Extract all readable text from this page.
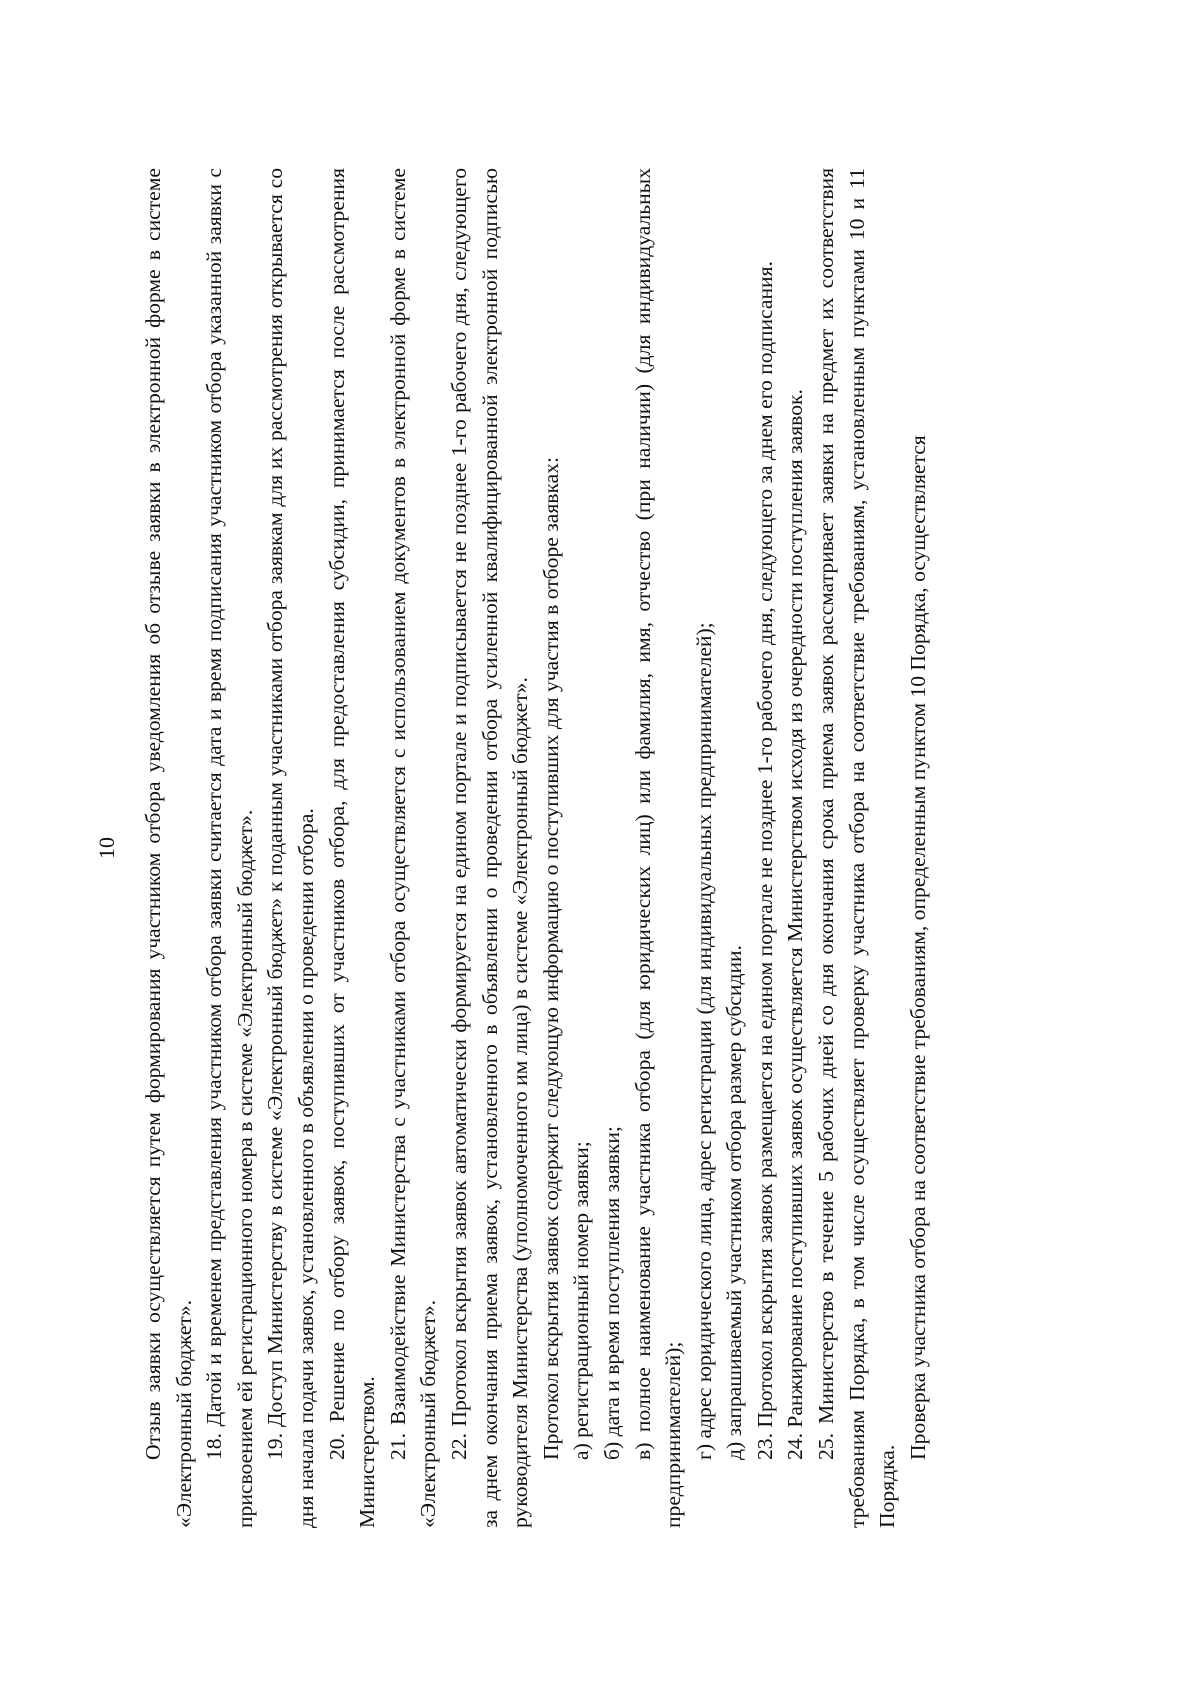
10 Отзыв заявки осуществляется путем формирования участником отбора уведомления об отзыве заявки в электронной форме в системе «Электронный бюджет». 18. Датой и временем представления участником отбора заявки считается дата и время подписания участником отбора указанной заявки с присвоением ей регистрационного номера в системе «Электронный бюджет». 19. Доступ Министерству в системе «Электронный бюджет» к поданным участниками отбора заявкам для их рассмотрения открывается со дня начала подачи заявок, установленного в объявлении о проведении отбора. 20. Решение по отбору заявок, поступивших от участников отбора, для предоставления субсидии, принимается после рассмотрения Министерством. 21. Взаимодействие Министерства с участниками отбора осуществляется с использованием документов в электронной форме в системе «Электронный бюджет». 22. Протокол вскрытия заявок автоматически формируется на едином портале и подписывается не позднее 1-го рабочего дня, следующего за днем окончания приема заявок, установленного в объявлении о проведении отбора усиленной квалифицированной электронной подписью руководителя Министерства (уполномоченного им лица) в системе «Электронный бюджет». Протокол вскрытия заявок содержит следующую информацию о поступивших для участия в отборе заявках: а) регистрационный номер заявки; б) дата и время поступления заявки; в) полное наименование участника отбора (для юридических лиц) или фамилия, имя, отчество (при наличии) (для индивидуальных предпринимателей); г) адрес юридического лица, адрес регистрации (для индивидуальных предпринимателей); д) запрашиваемый участником отбора размер субсидии. 23. Протокол вскрытия заявок размещается на едином портале не позднее 1-го рабочего дня, следующего за днем его подписания. 24. Ранжирование поступивших заявок осуществляется Министерством исходя из очередности поступления заявок. 25. Министерство в течение 5 рабочих дней со дня окончания срока приема заявок рассматривает заявки на предмет их соответствия требованиям Порядка, в том числе осуществляет проверку участника отбора на соответствие требованиям, установленным пунктами 10 и 11 Порядка.

Проверка участника отбора на соответствие требованиям, определенным пунктом 10 Порядка, осуществляется
